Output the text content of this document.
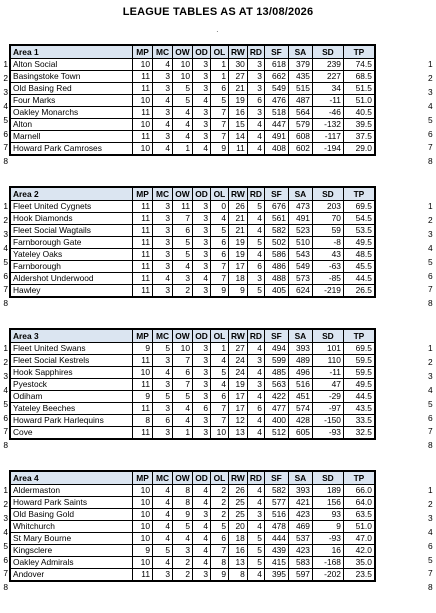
LEAGUE TABLES AS AT 13/08/2026
·
1	1
2	2
3	3
4	4
5	5
6	6
7	7
8	8
Area 1	MP	MC	OW	OD	OL	RW	RD	SF	SA	SD	TP
Alton Social	10	4	10	3	1	30	3	618	379	239	74.5
Basingstoke Town	11	3	10	3	1	27	3	662	435	227	68.5
Old Basing Red	11	3	5	3	6	21	3	549	515	34	51.5
Four Marks	10	4	5	4	5	19	6	476	487	-11	51.0
Oakley Monarchs	11	3	4	3	7	16	3	518	564	-46	40.5
Alton	10	4	4	3	7	15	4	447	579	-132	39.5
Marnell	11	3	4	3	7	14	4	491	608	-117	37.5
Howard Park Camroses	10	4	1	4	9	11	4	408	602	-194	29.0
1	1
2	2
3	3
4	4
5	5
6	6
7	7
8	8
Area 2	MP	MC	OW	OD	OL	RW	RD	SF	SA	SD	TP
Fleet United Cygnets	11	3	11	3	0	26	5	676	473	203	69.5
Hook Diamonds	11	3	7	3	4	21	4	561	491	70	54.5
Fleet Social Wagtails	11	3	6	3	5	21	4	582	523	59	53.5
Farnborough Gate	11	3	5	3	6	19	5	502	510	-8	49.5
Yateley Oaks	11	3	5	3	6	19	4	586	543	43	48.5
Farnborough	11	3	4	3	7	17	6	486	549	-63	45.5
Aldershot Underwood	11	4	3	4	7	18	3	488	573	-85	44.5
Hawley	11	3	2	3	9	9	5	405	624	-219	26.5
1	1
2	2
3	3
4	4
5	5
6	6
7	7
8	8
Area 3	MP	MC	OW	OD	OL	RW	RD	SF	SA	SD	TP
Fleet United Swans	9	5	10	3	1	27	4	494	393	101	69.5
Fleet Social Kestrels	11	3	7	3	4	24	3	599	489	110	59.5
Hook Sapphires	10	4	6	3	5	24	4	485	496	-11	59.5
Pyestock	11	3	7	3	4	19	3	563	516	47	49.5
Odiham	9	5	5	3	6	17	4	422	451	-29	44.5
Yateley Beeches	11	3	4	6	7	17	6	477	574	-97	43.5
Howard Park Harlequins	8	6	4	3	7	12	4	400	428	-150	33.5
Cove	11	3	1	3	10	13	4	512	605	-93	32.5
1	1
2	2
3	3
4	4
5	6
6	5
7	7
8	8
Area 4	MP	MC	OW	OD	OL	RW	RD	SF	SA	SD	TP
Aldermaston	10	4	8	4	2	26	4	582	393	189	66.0
Howard Park Saints	10	4	8	4	2	25	4	577	421	156	64.0
Old Basing Gold	10	4	9	3	2	25	3	516	423	93	63.5
Whitchurch	10	4	5	4	5	20	4	478	469	9	51.0
St Mary Bourne	10	4	4	4	6	18	5	444	537	-93	47.0
Kingsclere	9	5	3	4	7	16	5	439	423	16	42.0
Oakley Admirals	10	4	2	4	8	13	5	415	583	-168	35.0
Andover	11	3	2	3	9	8	4	395	597	-202	23.5
